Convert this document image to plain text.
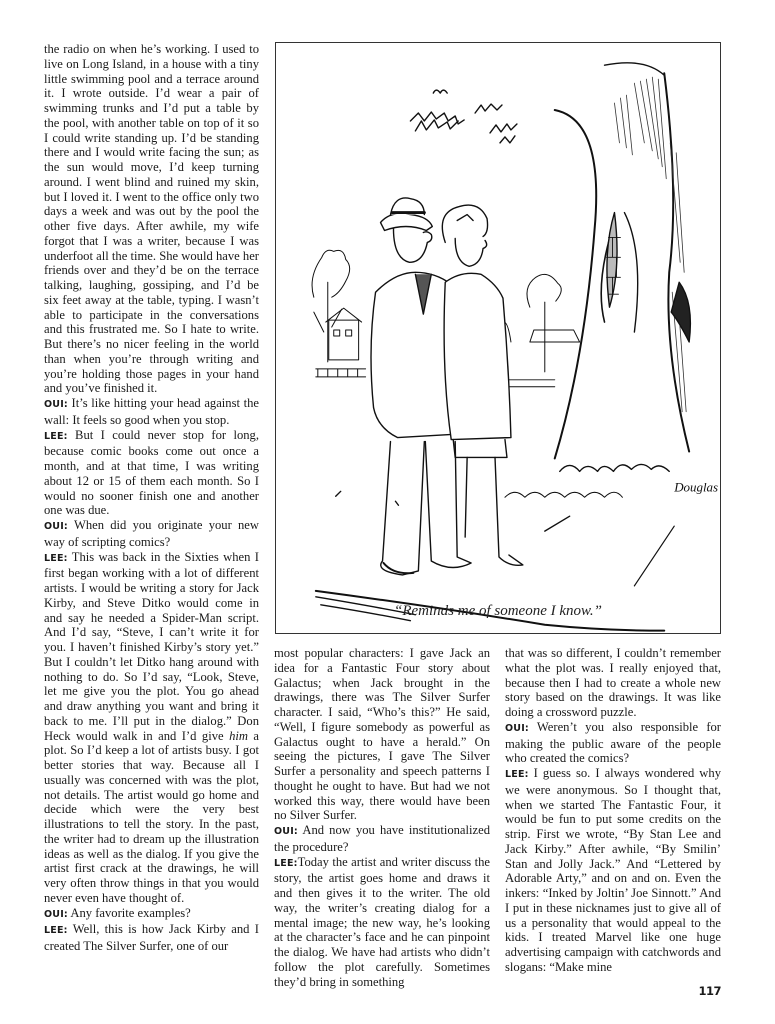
the radio on when he’s working. I used to live on Long Island, in a house with a tiny little swimming pool and a terrace around it. I wrote outside. I’d wear a pair of swimming trunks and I’d put a table by the pool, with another table on top of it so I could write standing up. I’d be standing there and I would write facing the sun; as the sun would move, I’d keep turning around. I went blind and ruined my skin, but I loved it. I went to the office only two days a week and was out by the pool the other five days. After awhile, my wife forgot that I was a writer, because I was underfoot all the time. She would have her friends over and they’d be on the terrace talking, laughing, gossiping, and I’d be six feet away at the table, typing. I wasn’t able to participate in the conversations and this frustrated me. So I hate to write. But there’s no nicer feeling in the world than when you’re through writing and you’re holding those pages in your hand and you’ve finished it.

OUI: It’s like hitting your head against the wall: It feels so good when you stop.

LEE: But I could never stop for long, because comic books come out once a month, and at that time, I was writing about 12 or 15 of them each month. So I would no sooner finish one and another one was due.

OUI: When did you originate your new way of scripting comics?

LEE: This was back in the Sixties when I first began working with a lot of different artists. I would be writing a story for Jack Kirby, and Steve Ditko would come in and say he needed a Spider-Man script. And I’d say, “Steve, I can’t write it for you. I haven’t finished Kirby’s story yet.” But I couldn’t let Ditko hang around with nothing to do. So I’d say, “Look, Steve, let me give you the plot. You go ahead and draw anything you want and bring it back to me. I’ll put in the dialog.” Don Heck would walk in and I’d give him a plot. So I’d keep a lot of artists busy. I got better stories that way. Because all I usually was concerned with was the plot, not details. The artist would go home and decide which were the very best illustrations to tell the story. In the past, the writer had to dream up the illustration ideas as well as the dialog. If you give the artist first crack at the drawings, he will very often throw things in that you would never even have thought of.

OUI: Any favorite examples?

LEE: Well, this is how Jack Kirby and I created The Silver Surfer, one of our

Douglas
“Reminds me of someone I know.”

most popular characters: I gave Jack an idea for a Fantastic Four story about Galactus; when Jack brought in the drawings, there was The Silver Surfer character. I said, “Who’s this?” He said, “Well, I figure somebody as powerful as Galactus ought to have a herald.” On seeing the pictures, I gave The Silver Surfer a personality and speech patterns I thought he ought to have. But had we not worked this way, there would have been no Silver Surfer.

OUI: And now you have institutionalized the procedure?

LEE:Today the artist and writer discuss the story, the artist goes home and draws it and then gives it to the writer. The old way, the writer’s creating dialog for a mental image; the new way, he’s looking at the character’s face and he can pinpoint the dialog. We have had artists who didn’t follow the plot carefully. Sometimes they’d bring in something

that was so different, I couldn’t remember what the plot was. I really enjoyed that, because then I had to create a whole new story based on the drawings. It was like doing a crossword puzzle.

OUI: Weren’t you also responsible for making the public aware of the people who created the comics?

LEE: I guess so. I always wondered why we were anonymous. So I thought that, when we started The Fantastic Four, it would be fun to put some credits on the strip. First we wrote, “By Stan Lee and Jack Kirby.” After awhile, “By Smilin’ Stan and Jolly Jack.” And “Lettered by Adorable Arty,” and on and on. Even the inkers: “Inked by Joltin’ Joe Sinnott.” And I put in these nicknames just to give all of us a personality that would appeal to the kids. I treated Marvel like one huge advertising campaign with catchwords and slogans: “Make mine

117
